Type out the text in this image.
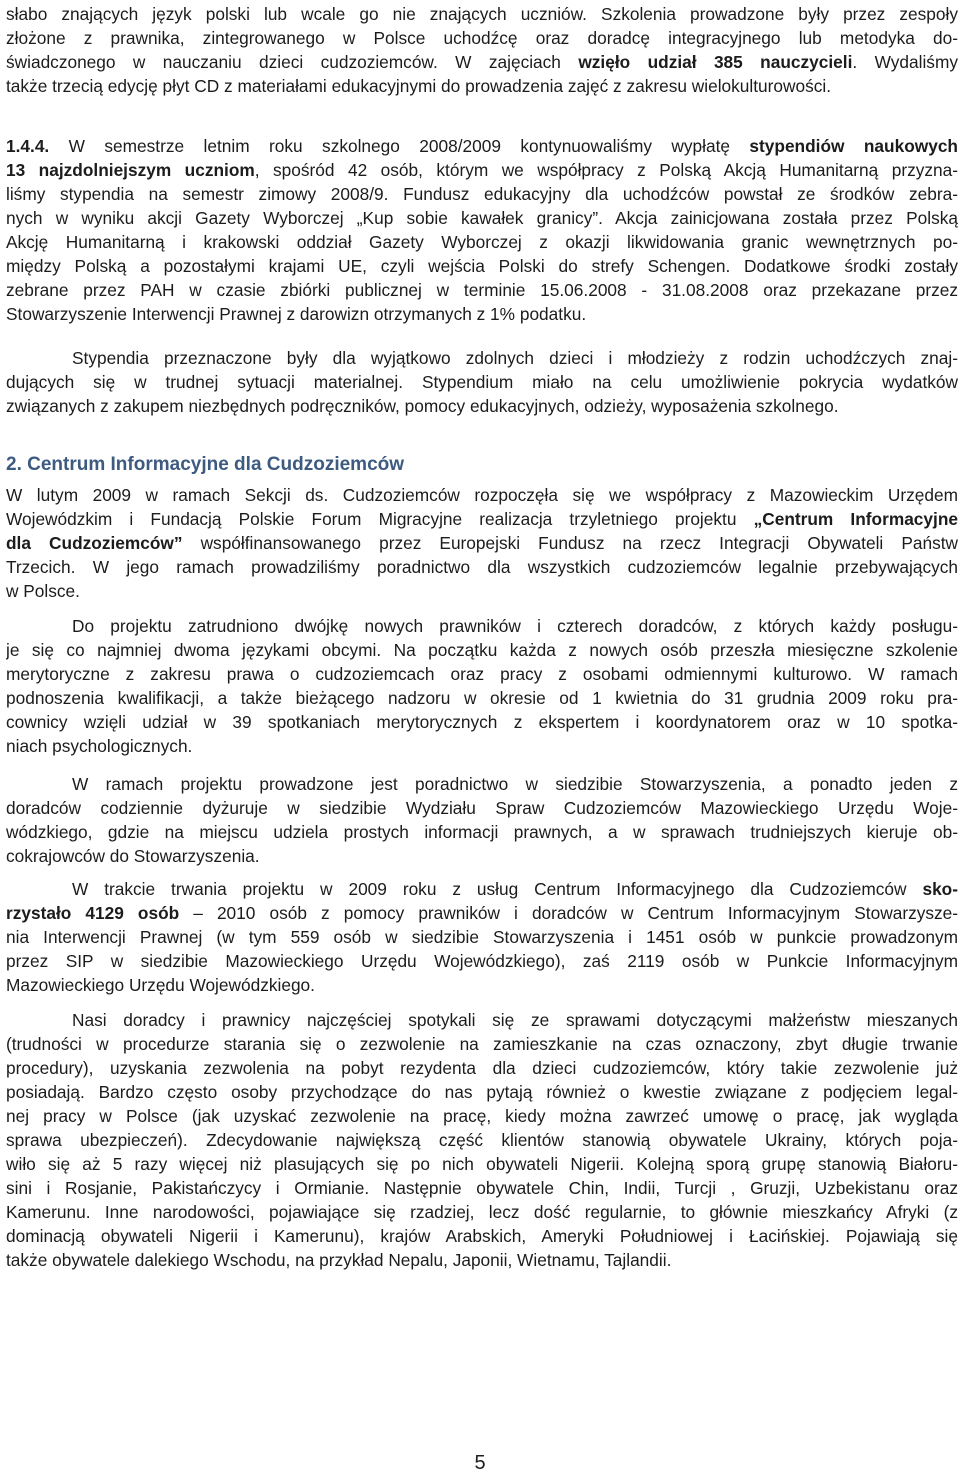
słabo znających język polski lub wcale go nie znających uczniów. Szkolenia prowadzone były przez zespoły
złożone z prawnika, zintegrowanego w Polsce uchodźcę oraz doradcę integracyjnego lub metodyka do-
świadczonego w nauczaniu dzieci cudzoziemców. W zajęciach wzięło udział 385 nauczycieli. Wydaliśmy
także trzecią edycję płyt CD z materiałami edukacyjnymi do prowadzenia zajęć z zakresu wielokulturowości.
1.4.4. W semestrze letnim roku szkolnego 2008/2009 kontynuowaliśmy wypłatę stypendiów naukowych
13 najzdolniejszym uczniom, spośród 42 osób, którym we współpracy z Polską Akcją Humanitarną przyzna-
liśmy stypendia na semestr zimowy 2008/9. Fundusz edukacyjny dla uchodźców powstał ze środków zebra-
nych w wyniku akcji Gazety Wyborczej „Kup sobie kawałek granicy”. Akcja zainicjowana została przez Polską
Akcję Humanitarną i krakowski oddział Gazety Wyborczej z okazji likwidowania granic wewnętrznych po-
między Polską a pozostałymi krajami UE, czyli wejścia Polski do strefy Schengen. Dodatkowe środki zostały
zebrane przez PAH w czasie zbiórki publicznej w terminie 15.06.2008 - 31.08.2008 oraz przekazane przez
Stowarzyszenie Interwencji Prawnej z darowizn otrzymanych z 1% podatku.
Stypendia przeznaczone były dla wyjątkowo zdolnych dzieci i młodzieży z rodzin uchodźczych znaj-
dujących się w trudnej sytuacji materialnej. Stypendium miało na celu umożliwienie pokrycia wydatków
związanych z zakupem niezbędnych podręczników, pomocy edukacyjnych, odzieży, wyposażenia szkolnego.
2. Centrum Informacyjne dla Cudzoziemców
W lutym 2009 w ramach Sekcji ds. Cudzoziemców rozpoczęła się we współpracy z Mazowieckim Urzędem
Wojewódzkim i Fundacją Polskie Forum Migracyjne realizacja trzyletniego projektu „Centrum Informacyjne
dla Cudzoziemców” współfinansowanego przez Europejski Fundusz na rzecz Integracji Obywateli Państw
Trzecich. W jego ramach prowadziliśmy poradnictwo dla wszystkich cudzoziemców legalnie przebywających
w Polsce.
Do projektu zatrudniono dwójkę nowych prawników i czterech doradców, z których każdy posługu-
je się co najmniej dwoma językami obcymi. Na początku każda z nowych osób przeszła miesięczne szkolenie
merytoryczne z zakresu prawa o cudzoziemcach oraz pracy z osobami odmiennymi kulturowo. W ramach
podnoszenia kwalifikacji, a także bieżącego nadzoru w okresie od 1 kwietnia do 31 grudnia 2009 roku pra-
cownicy wzięli udział w 39 spotkaniach merytorycznych z ekspertem i koordynatorem oraz w 10 spotka-
niach psychologicznych.
W ramach projektu prowadzone jest poradnictwo w siedzibie Stowarzyszenia, a ponadto jeden z
doradców codziennie dyżuruje w siedzibie Wydziału Spraw Cudzoziemców Mazowieckiego Urzędu Woje-
wódzkiego, gdzie na miejscu udziela prostych informacji prawnych, a w sprawach trudniejszych kieruje ob-
cokrajowców do Stowarzyszenia.
W trakcie trwania projektu w 2009 roku z usług Centrum Informacyjnego dla Cudzoziemców sko-
rzystało 4129 osób – 2010 osób z pomocy prawników i doradców w Centrum Informacyjnym Stowarzysze-
nia Interwencji Prawnej (w tym 559 osób w siedzibie Stowarzyszenia i 1451 osób w punkcie prowadzonym
przez SIP w siedzibie Mazowieckiego Urzędu Wojewódzkiego), zaś 2119 osób w Punkcie Informacyjnym
Mazowieckiego Urzędu Wojewódzkiego.
Nasi doradcy i prawnicy najczęściej spotykali się ze sprawami dotyczącymi małżeństw mieszanych
(trudności w procedurze starania się o zezwolenie na zamieszkanie na czas oznaczony, zbyt długie trwanie
procedury), uzyskania zezwolenia na pobyt rezydenta dla dzieci cudzoziemców, który takie zezwolenie już
posiadają. Bardzo często osoby przychodzące do nas pytają również o kwestie związane z podjęciem legal-
nej pracy w Polsce (jak uzyskać zezwolenie na pracę, kiedy można zawrzeć umowę o pracę, jak wygląda
sprawa ubezpieczeń). Zdecydowanie największą część klientów stanowią obywatele Ukrainy, których poja-
wiło się aż 5 razy więcej niż plasujących się po nich obywateli Nigerii. Kolejną sporą grupę stanowią Białoru-
sini i Rosjanie, Pakistańczycy i Ormianie. Następnie obywatele Chin, Indii, Turcji , Gruzji, Uzbekistanu oraz
Kamerunu. Inne narodowości, pojawiające się rzadziej, lecz dość regularnie, to głównie mieszkańcy Afryki (z
dominacją obywateli Nigerii i Kamerunu), krajów Arabskich, Ameryki Południowej i Łacińskiej. Pojawiają się
także obywatele dalekiego Wschodu, na przykład Nepalu, Japonii, Wietnamu, Tajlandii.
5
